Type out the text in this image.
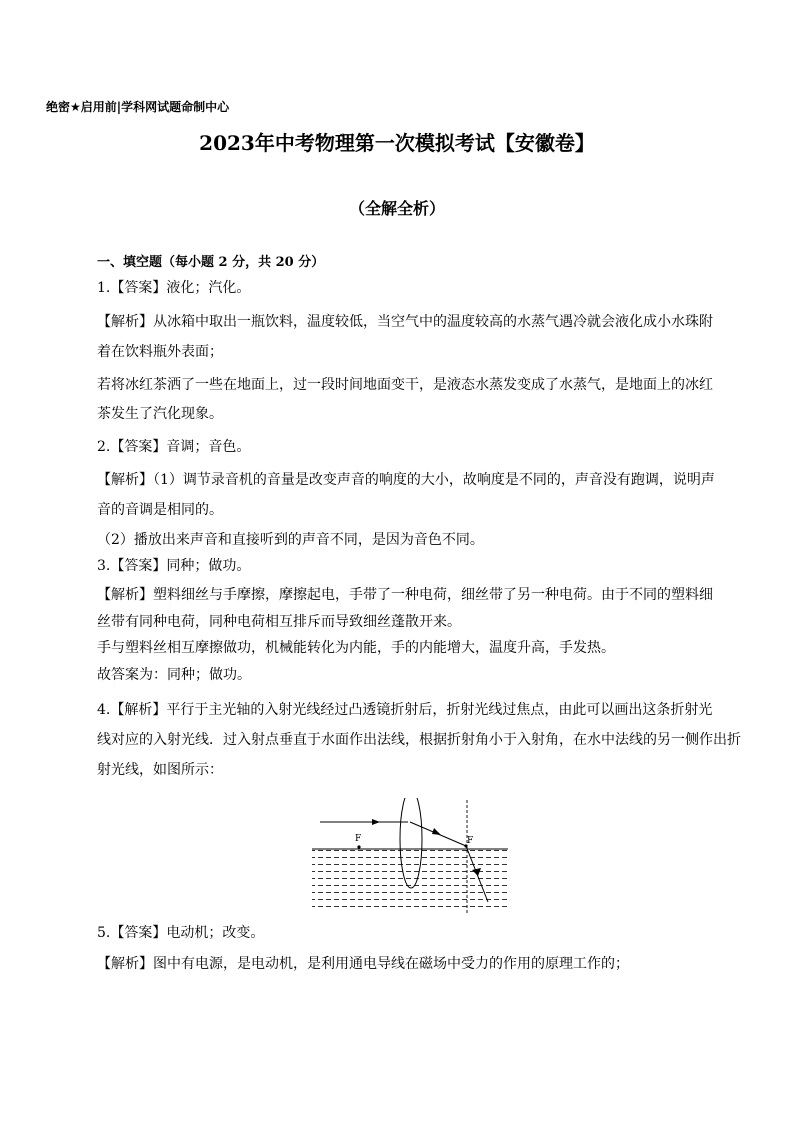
绝密★启用前|学科网试题命制中心
2023年中考物理第一次模拟考试【安徽卷】
（全解全析）
一、填空题（每小题 2 分，共 20 分）
1.【答案】液化；汽化。
【解析】从冰箱中取出一瓶饮料，温度较低，当空气中的温度较高的水蒸气遇冷就会液化成小水珠附
着在饮料瓶外表面；
若将冰红茶洒了一些在地面上，过一段时间地面变干，是液态水蒸发变成了水蒸气，是地面上的冰红
茶发生了汽化现象。
2.【答案】音调；音色。
【解析】（1）调节录音机的音量是改变声音的响度的大小，故响度是不同的，声音没有跑调，说明声
音的音调是相同的。
（2）播放出来声音和直接听到的声音不同，是因为音色不同。
3.【答案】同种；做功。
【解析】塑料细丝与手摩擦，摩擦起电，手带了一种电荷，细丝带了另一种电荷。由于不同的塑料细
丝带有同种电荷，同种电荷相互排斥而导致细丝蓬散开来。
手与塑料丝相互摩擦做功，机械能转化为内能，手的内能增大，温度升高，手发热。
故答案为：同种；做功。
4.【解析】平行于主光轴的入射光线经过凸透镜折射后，折射光线过焦点，由此可以画出这条折射光
线对应的入射光线．过入射点垂直于水面作出法线，根据折射角小于入射角，在水中法线的另一侧作出折
射光线，如图所示：
5.【答案】电动机；改变。
【解析】图中有电源，是电动机，是利用通电导线在磁场中受力的作用的原理工作的；
F	F
